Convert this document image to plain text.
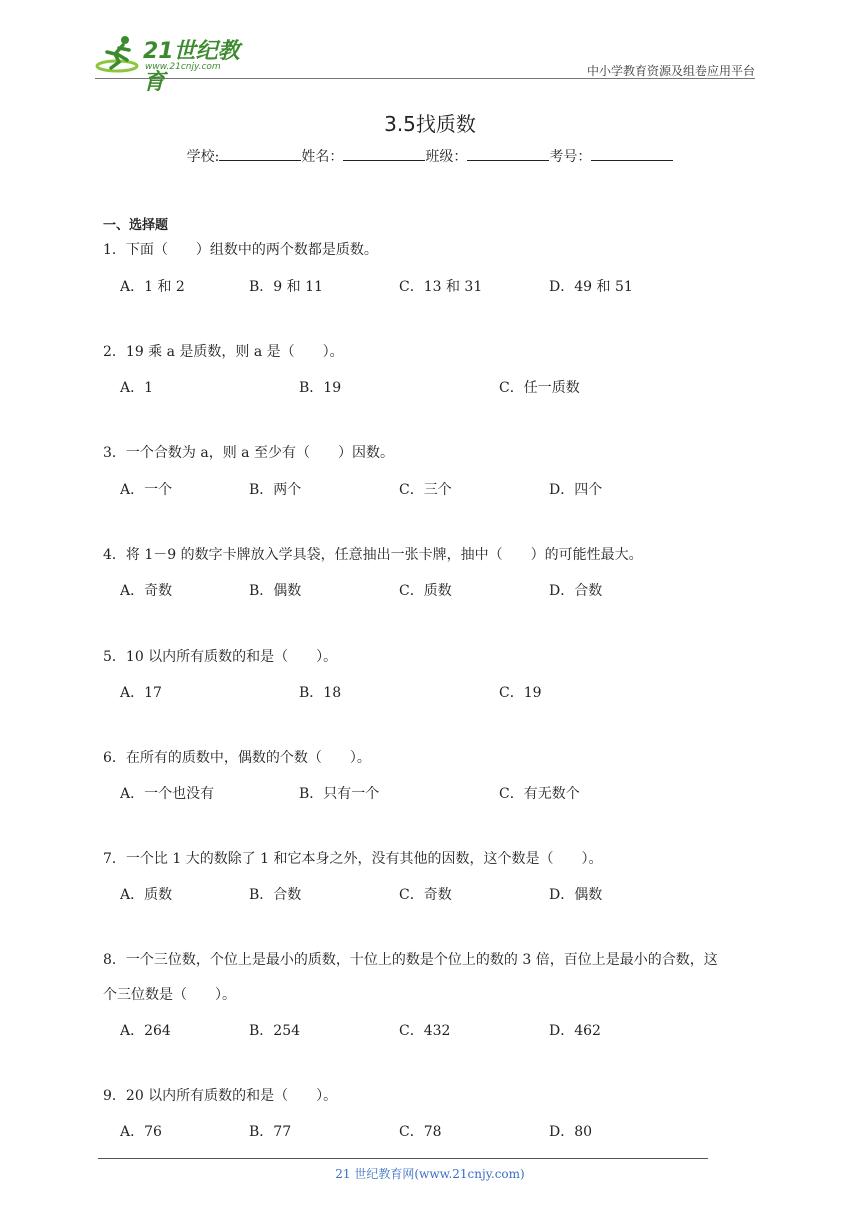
21世纪教育
www.21cnjy.com	中小学教育资源及组卷应用平台
3.5找质数
学校:	姓名：	班级：	考号：
一、选择题
1．下面（　　）组数中的两个数都是质数。
A．1 和 2	B．9 和 11	C．13 和 31	D．49 和 51
2．19 乘 a 是质数，则 a 是（　　）。
A．1	B．19	C．任一质数
3．一个合数为 a，则 a 至少有（　　）因数。
A．一个	B．两个	C．三个	D．四个
4．将 1－9 的数字卡牌放入学具袋，任意抽出一张卡牌，抽中（　　）的可能性最大。
A．奇数	B．偶数	C．质数	D．合数
5．10 以内所有质数的和是（　　）。
A．17	B．18	C．19
6．在所有的质数中，偶数的个数（　　）。
A．一个也没有	B．只有一个	C．有无数个
7．一个比 1 大的数除了 1 和它本身之外，没有其他的因数，这个数是（　　）。
A．质数	B．合数	C．奇数	D．偶数
8．一个三位数，个位上是最小的质数，十位上的数是个位上的数的 3 倍，百位上是最小的合数，这
个三位数是（　　）。
A．264	B．254	C．432	D．462
9．20 以内所有质数的和是（　　）。
A．76	B．77	C．78	D．80
21 世纪教育网(www.21cnjy.com)
